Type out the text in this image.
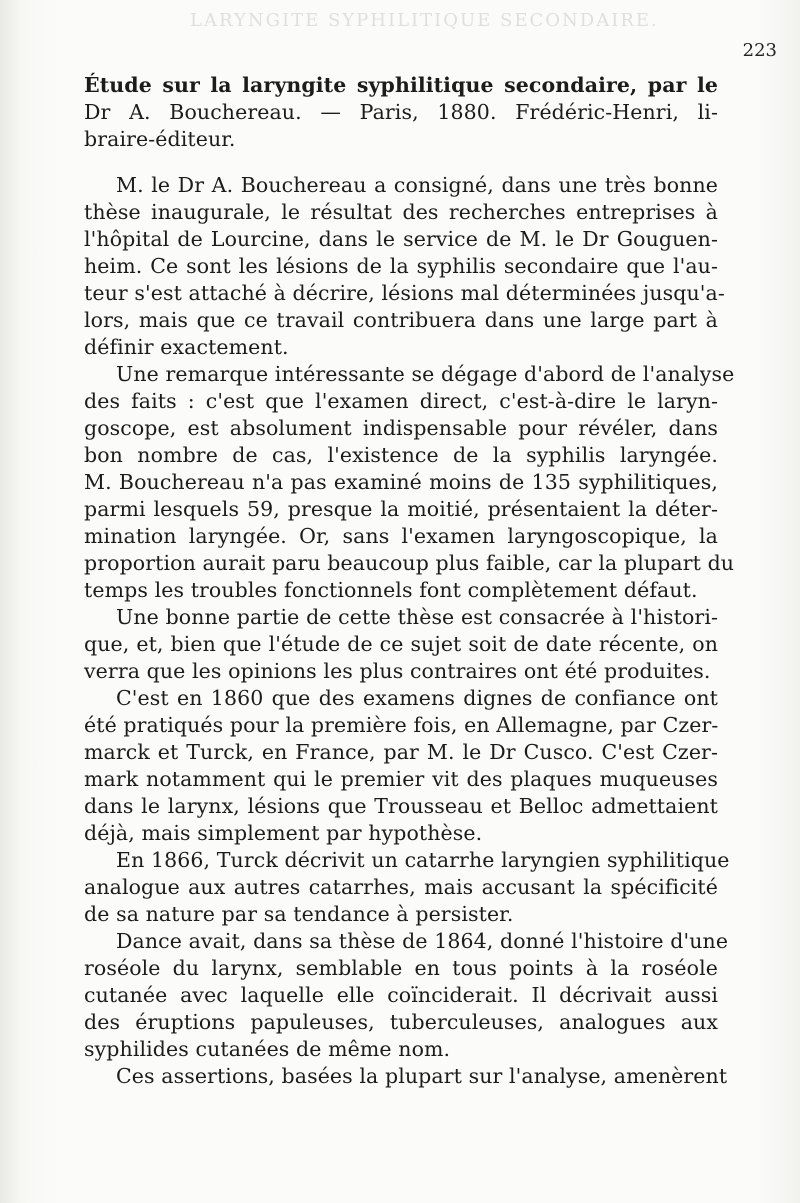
LARYNGITE SYPHILITIQUE SECONDAIRE.
223
Étude sur la laryngite syphilitique secondaire, par le
Dr A. Bouchereau. — Paris, 1880. Frédéric-Henri, li-
braire-éditeur.
M. le Dr A. Bouchereau a consigné, dans une très bonne
thèse inaugurale, le résultat des recherches entreprises à
l'hôpital de Lourcine, dans le service de M. le Dr Gouguen-
heim. Ce sont les lésions de la syphilis secondaire que l'au-
teur s'est attaché à décrire, lésions mal déterminées jusqu'a-
lors, mais que ce travail contribuera dans une large part à
définir exactement.
Une remarque intéressante se dégage d'abord de l'analyse
des faits : c'est que l'examen direct, c'est-à-dire le laryn-
goscope, est absolument indispensable pour révéler, dans
bon nombre de cas, l'existence de la syphilis laryngée.
M. Bouchereau n'a pas examiné moins de 135 syphilitiques,
parmi lesquels 59, presque la moitié, présentaient la déter-
mination laryngée. Or, sans l'examen laryngoscopique, la
proportion aurait paru beaucoup plus faible, car la plupart du
temps les troubles fonctionnels font complètement défaut.
Une bonne partie de cette thèse est consacrée à l'histori-
que, et, bien que l'étude de ce sujet soit de date récente, on
verra que les opinions les plus contraires ont été produites.
C'est en 1860 que des examens dignes de confiance ont
été pratiqués pour la première fois, en Allemagne, par Czer-
marck et Turck, en France, par M. le Dr Cusco. C'est Czer-
mark notamment qui le premier vit des plaques muqueuses
dans le larynx, lésions que Trousseau et Belloc admettaient
déjà, mais simplement par hypothèse.
En 1866, Turck décrivit un catarrhe laryngien syphilitique
analogue aux autres catarrhes, mais accusant la spécificité
de sa nature par sa tendance à persister.
Dance avait, dans sa thèse de 1864, donné l'histoire d'une
roséole du larynx, semblable en tous points à la roséole
cutanée avec laquelle elle coïnciderait. Il décrivait aussi
des éruptions papuleuses, tuberculeuses, analogues aux
syphilides cutanées de même nom.
Ces assertions, basées la plupart sur l'analyse, amenèrent
